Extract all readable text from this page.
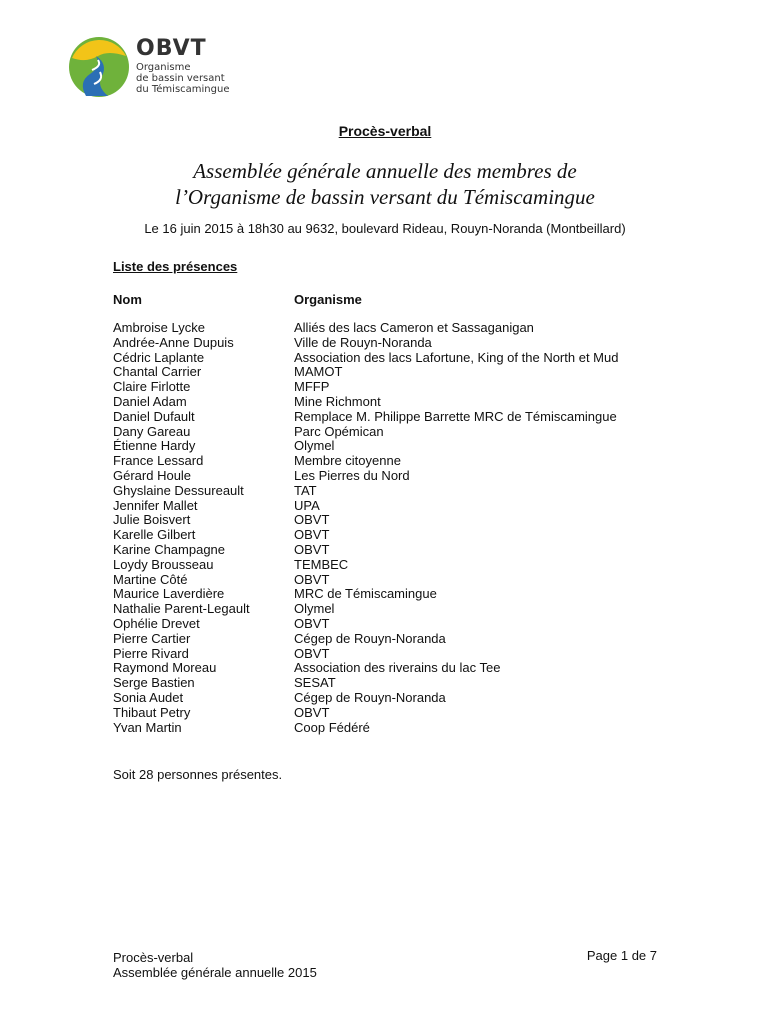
OBVT
Organisme
de bassin versant
du Témiscamingue
Procès-verbal
Assemblée générale annuelle des membres de
l’Organisme de bassin versant du Témiscamingue
Le 16 juin 2015 à 18h30 au 9632, boulevard Rideau, Rouyn-Noranda (Montbeillard)
Liste des présences
Nom	Organisme
Ambroise Lycke
Andrée-Anne Dupuis
Cédric Laplante
Chantal Carrier
Claire Firlotte
Daniel Adam
Daniel Dufault
Dany Gareau
Étienne Hardy
France Lessard
Gérard Houle
Ghyslaine Dessureault
Jennifer Mallet
Julie Boisvert
Karelle Gilbert
Karine Champagne
Loydy Brousseau
Martine Côté
Maurice Laverdière
Nathalie Parent-Legault
Ophélie Drevet
Pierre Cartier
Pierre Rivard
Raymond Moreau
Serge Bastien
Sonia Audet
Thibaut Petry
Yvan Martin
Alliés des lacs Cameron et Sassaganigan
Ville de Rouyn-Noranda
Association des lacs Lafortune, King of the North et Mud
MAMOT
MFFP
Mine Richmont
Remplace M. Philippe Barrette MRC de Témiscamingue
Parc Opémican
Olymel
Membre citoyenne
Les Pierres du Nord
TAT
UPA
OBVT
OBVT
OBVT
TEMBEC
OBVT
MRC de Témiscamingue
Olymel
OBVT
Cégep de Rouyn-Noranda
OBVT
Association des riverains du lac Tee
SESAT
Cégep de Rouyn-Noranda
OBVT
Coop Fédéré
Soit 28 personnes présentes.
Procès-verbal
Assemblée générale annuelle 2015
Page 1 de 7
